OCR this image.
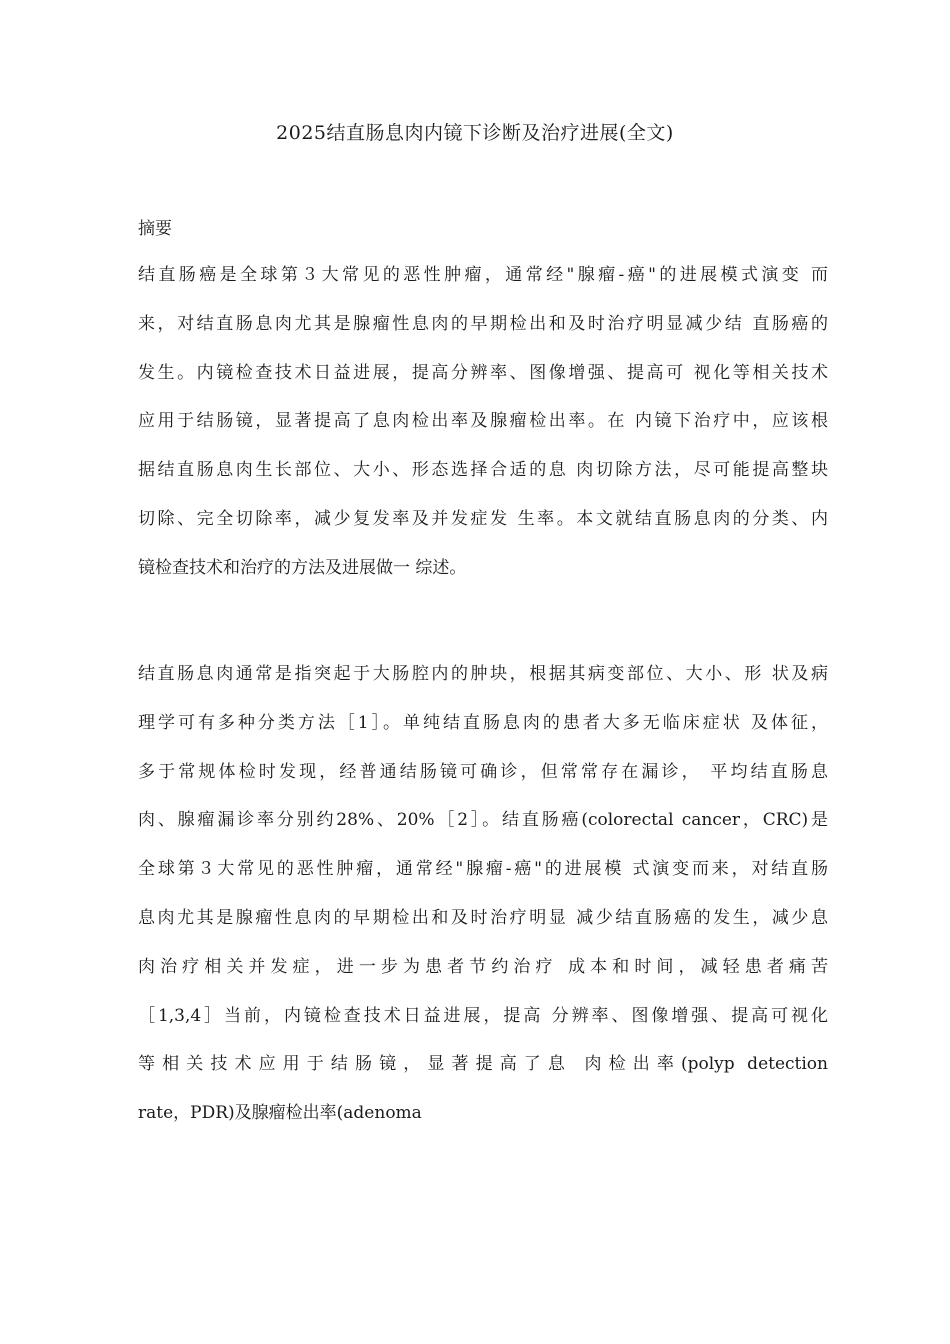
2025结直肠息肉内镜下诊断及治疗进展(全文)
摘要
结直肠癌是全球第３大常见的恶性肿瘤，通常经"腺瘤-癌"的进展模式演变 而
来，对结直肠息肉尤其是腺瘤性息肉的早期检出和及时治疗明显减少结 直肠癌的
发生。内镜检查技术日益进展，提高分辨率、图像增强、提高可 视化等相关技术
应用于结肠镜，显著提高了息肉检出率及腺瘤检出率。在 内镜下治疗中，应该根
据结直肠息肉生长部位、大小、形态选择合适的息 肉切除方法，尽可能提高整块
切除、完全切除率，减少复发率及并发症发 生率。本文就结直肠息肉的分类、内
镜检查技术和治疗的方法及进展做一 综述。
结直肠息肉通常是指突起于大肠腔内的肿块，根据其病变部位、大小、形 状及病
理学可有多种分类方法［1］。单纯结直肠息肉的患者大多无临床症状 及体征，
多于常规体检时发现，经普通结肠镜可确诊，但常常存在漏诊， 平均结直肠息
肉、腺瘤漏诊率分别约28%、20%［2］。结直肠癌(colorectal cancer，CRC)是
全球第３大常见的恶性肿瘤，通常经"腺瘤-癌"的进展模 式演变而来，对结直肠
息肉尤其是腺瘤性息肉的早期检出和及时治疗明显 减少结直肠癌的发生，减少息
肉治疗相关并发症，进一步为患者节约治疗 成本和时间，减轻患者痛苦
［1,3,4］当前，内镜检查技术日益进展，提高 分辨率、图像增强、提高可视化
等相关技术应用于结肠镜，显著提高了息 肉检出率(polyp detection
rate，PDR)及腺瘤检出率(adenoma
